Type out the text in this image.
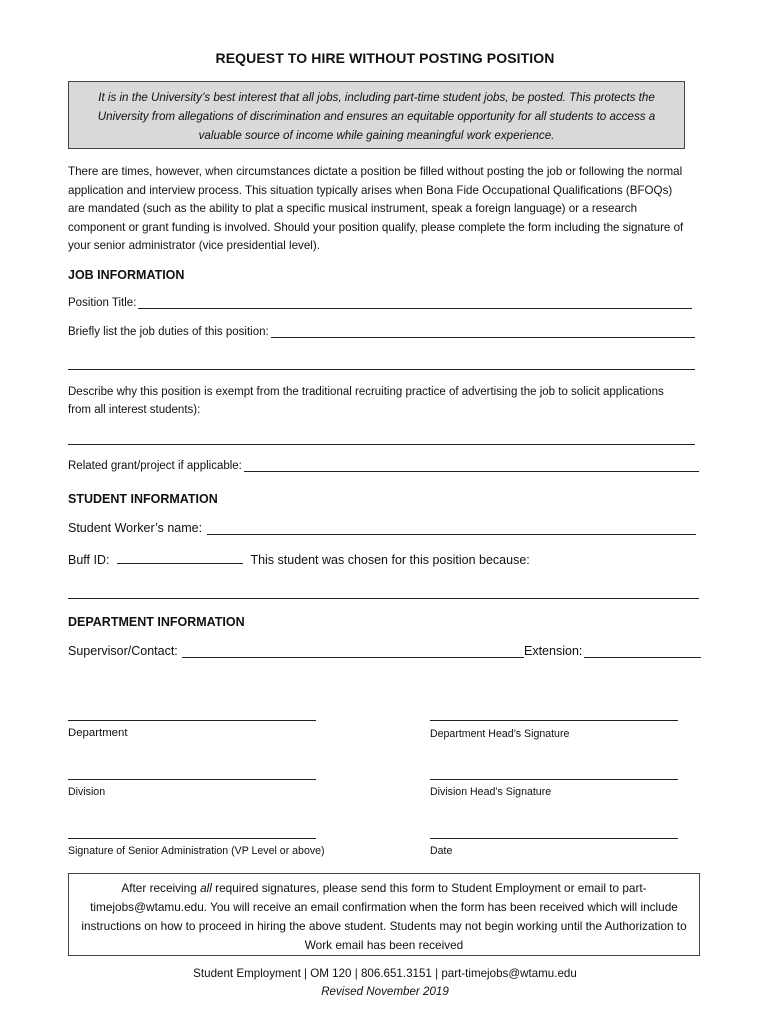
REQUEST TO HIRE WITHOUT POSTING POSITION
It is in the University’s best interest that all jobs, including part-time student jobs, be posted. This protects the University from allegations of discrimination and ensures an equitable opportunity for all students to access a valuable source of income while gaining meaningful work experience.
There are times, however, when circumstances dictate a position be filled without posting the job or following the normal application and interview process. This situation typically arises when Bona Fide Occupational Qualifications (BFOQs) are mandated (such as the ability to plat a specific musical instrument, speak a foreign language) or a research component or grant funding is involved. Should your position qualify, please complete the form including the signature of your senior administrator (vice presidential level).
JOB INFORMATION
Position Title:
Briefly list the job duties of this position:
Describe why this position is exempt from the traditional recruiting practice of advertising the job to solicit applications from all interest students):
Related grant/project if applicable:
STUDENT INFORMATION
Student Worker’s name:
Buff ID:	This student was chosen for this position because:
DEPARTMENT INFORMATION
Supervisor/Contact:	Extension:
Department	Department Head’s Signature
Division	Division Head’s Signature
Signature of Senior Administration (VP Level or above)	Date
After receiving all required signatures, please send this form to Student Employment or email to part-timejobs@wtamu.edu. You will receive an email confirmation when the form has been received which will include instructions on how to proceed in hiring the above student. Students may not begin working until the Authorization to Work email has been received
Student Employment | OM 120 | 806.651.3151 | part-timejobs@wtamu.edu
Revised November 2019
